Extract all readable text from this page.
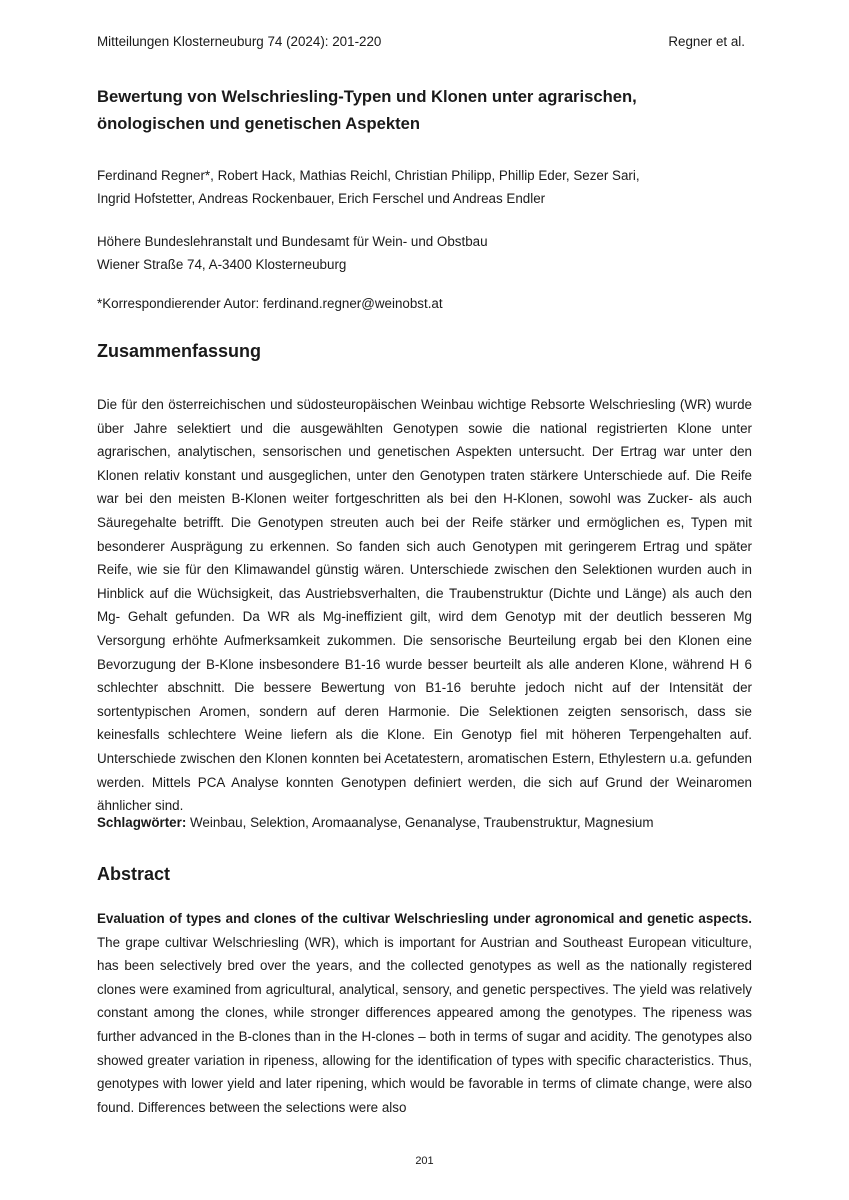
Mitteilungen Klosterneuburg 74 (2024): 201-220	Regner et al.
Bewertung von Welschriesling-Typen und Klonen unter agrarischen, önologischen und genetischen Aspekten
Ferdinand Regner*, Robert Hack, Mathias Reichl, Christian Philipp, Phillip Eder, Sezer Sari,
Ingrid Hofstetter, Andreas Rockenbauer, Erich Ferschel und Andreas Endler
Höhere Bundeslehranstalt und Bundesamt für Wein- und Obstbau
Wiener Straße 74, A-3400 Klosterneuburg
*Korrespondierender Autor: ferdinand.regner@weinobst.at
Zusammenfassung
Die für den österreichischen und südosteuropäischen Weinbau wichtige Rebsorte Welschriesling (WR) wurde über Jahre selektiert und die ausgewählten Genotypen sowie die national registrierten Klone unter agrarischen, analytischen, sensorischen und genetischen Aspekten untersucht. Der Ertrag war unter den Klonen relativ konstant und ausgeglichen, unter den Genotypen traten stärkere Unterschiede auf. Die Reife war bei den meisten B-Klonen weiter fortgeschritten als bei den H-Klonen, sowohl was Zucker- als auch Säuregehalte betrifft. Die Genotypen streuten auch bei der Reife stärker und ermöglichen es, Typen mit besonderer Ausprägung zu erkennen. So fanden sich auch Genotypen mit geringerem Ertrag und später Reife, wie sie für den Klimawandel günstig wären. Unterschiede zwischen den Selektionen wurden auch in Hinblick auf die Wüchsigkeit, das Austriebsverhalten, die Traubenstruktur (Dichte und Länge) als auch den Mg- Gehalt gefunden. Da WR als Mg-ineffizient gilt, wird dem Genotyp mit der deutlich besseren Mg Versorgung erhöhte Aufmerksamkeit zukommen. Die sensorische Beurteilung ergab bei den Klonen eine Bevorzugung der B-Klone insbesondere B1-16 wurde besser beurteilt als alle anderen Klone, während H 6 schlechter abschnitt. Die bessere Bewertung von B1-16 beruhte jedoch nicht auf der Intensität der sortentypischen Aromen, sondern auf deren Harmonie. Die Selektionen zeigten sensorisch, dass sie keinesfalls schlechtere Weine liefern als die Klone. Ein Genotyp fiel mit höheren Terpengehalten auf. Unterschiede zwischen den Klonen konnten bei Acetatestern, aromatischen Estern, Ethylestern u.a. gefunden werden. Mittels PCA Analyse konnten Genotypen definiert werden, die sich auf Grund der Weinaromen ähnlicher sind.
Schlagwörter: Weinbau, Selektion, Aromaanalyse, Genanalyse, Traubenstruktur, Magnesium
Abstract
Evaluation of types and clones of the cultivar Welschriesling under agronomical and genetic aspects. The grape cultivar Welschriesling (WR), which is important for Austrian and Southeast European viticulture, has been selectively bred over the years, and the collected genotypes as well as the nationally registered clones were examined from agricultural, analytical, sensory, and genetic perspectives. The yield was relatively constant among the clones, while stronger differences appeared among the genotypes. The ripeness was further advanced in the B-clones than in the H-clones – both in terms of sugar and acidity. The genotypes also showed greater variation in ripeness, allowing for the identification of types with specific characteristics. Thus, genotypes with lower yield and later ripening, which would be favorable in terms of climate change, were also found. Differences between the selections were also
201
